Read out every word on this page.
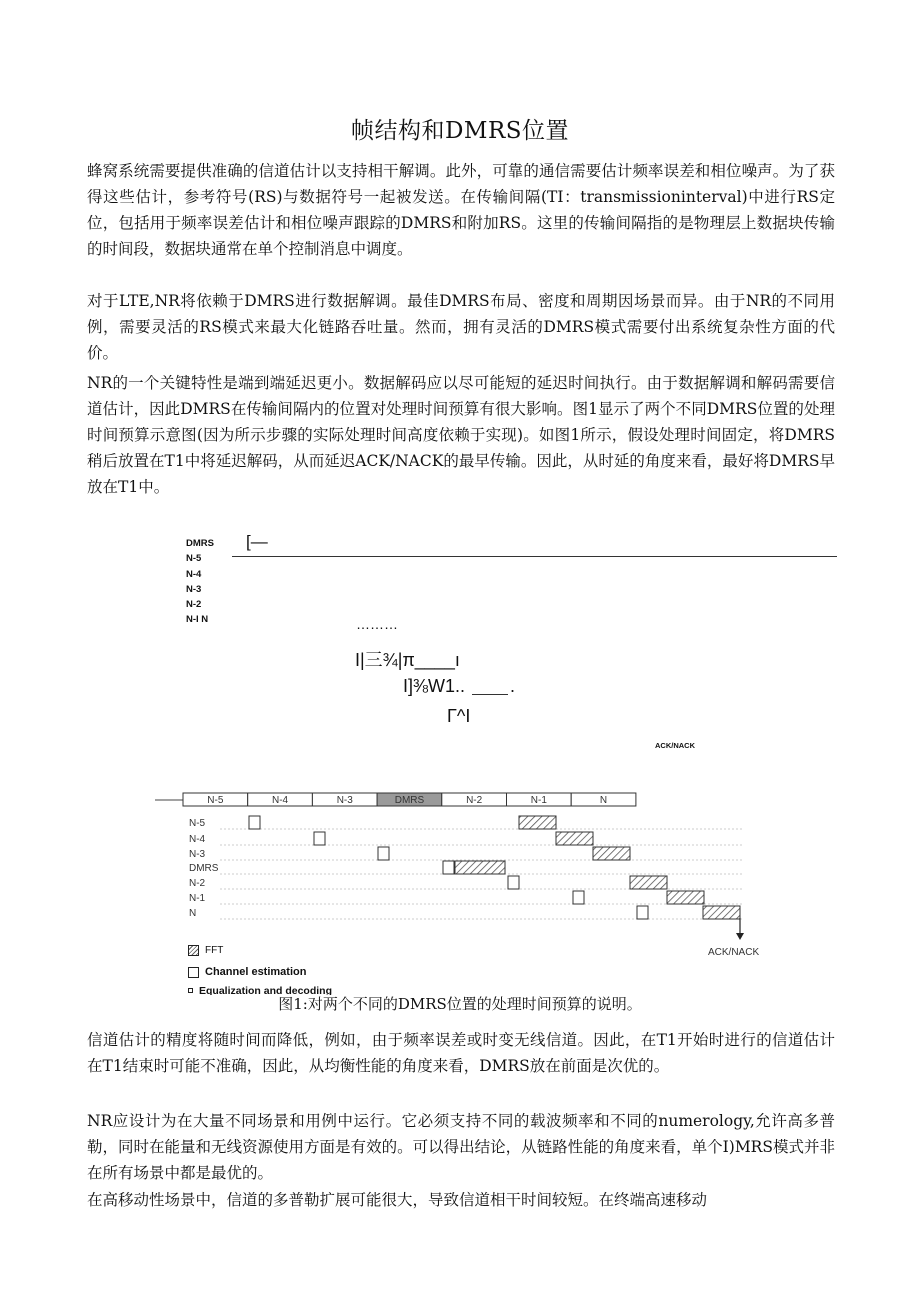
帧结构和DMRS位置

蜂窝系统需要提供准确的信道估计以支持相干解调。此外，可靠的通信需要估计频率误差和相位噪声。为了获得这些估计，参考符号(RS)与数据符号一起被发送。在传输间隔(TI：transmissioninterval)中进行RS定位，包括用于频率误差估计和相位噪声跟踪的DMRS和附加RS。这里的传输间隔指的是物理层上数据块传输的时间段，数据块通常在单个控制消息中调度。

对于LTE,NR将依赖于DMRS进行数据解调。最佳DMRS布局、密度和周期因场景而异。由于NR的不同用例，需要灵活的RS模式来最大化链路吞吐量。然而，拥有灵活的DMRS模式需要付出系统复杂性方面的代价。

NR的一个关键特性是端到端延迟更小。数据解码应以尽可能短的延迟时间执行。由于数据解调和解码需要信道估计，因此DMRS在传输间隔内的位置对处理时间预算有很大影响。图1显示了两个不同DMRS位置的处理时间预算示意图(因为所示步骤的实际处理时间高度依赖于实现)。如图1所示，假设处理时间固定，将DMRS稍后放置在T1中将延迟解码，从而延迟ACK/NACK的最早传输。因此，从时延的角度来看，最好将DMRS早放在T1中。

DMRS
N-5
N-4
N-3
N-2
N-I N
[—
………
I|三¾|π____ı
I]⅜W1.. .
Γ^I
ACK/NACK
N-5	N-4	N-3	DMRS	N-2	N-1	N
N-5
N-4
N-3
DMRS
N-2
N-1
N
ACK/NACK
FFT
Channel estimation
Equalization and decoding
图1:对两个不同的DMRS位置的处理时间预算的说明。

信道估计的精度将随时间而降低，例如，由于频率误差或时变无线信道。因此，在T1开始时进行的信道估计在T1结束时可能不准确，因此，从均衡性能的角度来看，DMRS放在前面是次优的。

NR应设计为在大量不同场景和用例中运行。它必须支持不同的载波频率和不同的numerology,允许高多普勒，同时在能量和无线资源使用方面是有效的。可以得出结论，从链路性能的角度来看，单个I)MRS模式并非在所有场景中都是最优的。

在高移动性场景中，信道的多普勒扩展可能很大，导致信道相干时间较短。在终端高速移动
